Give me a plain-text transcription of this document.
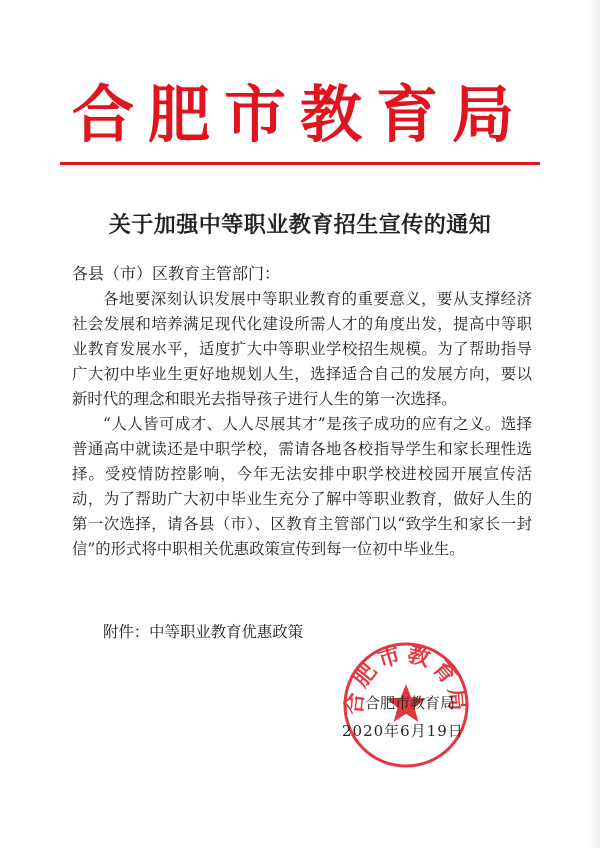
合肥市教育局
关于加强中等职业教育招生宣传的通知
各县（市）区教育主管部门：
各地要深刻认识发展中等职业教育的重要意义，要从支撑经济社会发展和培养满足现代化建设所需人才的角度出发，提高中等职业教育发展水平，适度扩大中等职业学校招生规模。为了帮助指导广大初中毕业生更好地规划人生，选择适合自己的发展方向，要以新时代的理念和眼光去指导孩子进行人生的第一次选择。
“人人皆可成才、人人尽展其才”是孩子成功的应有之义。选择普通高中就读还是中职学校，需请各地各校指导学生和家长理性选择。受疫情防控影响，今年无法安排中职学校进校园开展宣传活动，为了帮助广大初中毕业生充分了解中等职业教育，做好人生的第一次选择，请各县（市）、区教育主管部门以“致学生和家长一封信”的形式将中职相关优惠政策宣传到每一位初中毕业生。
附件：中等职业教育优惠政策
合肥市教育局
合肥市教育局
2020年6月19日
